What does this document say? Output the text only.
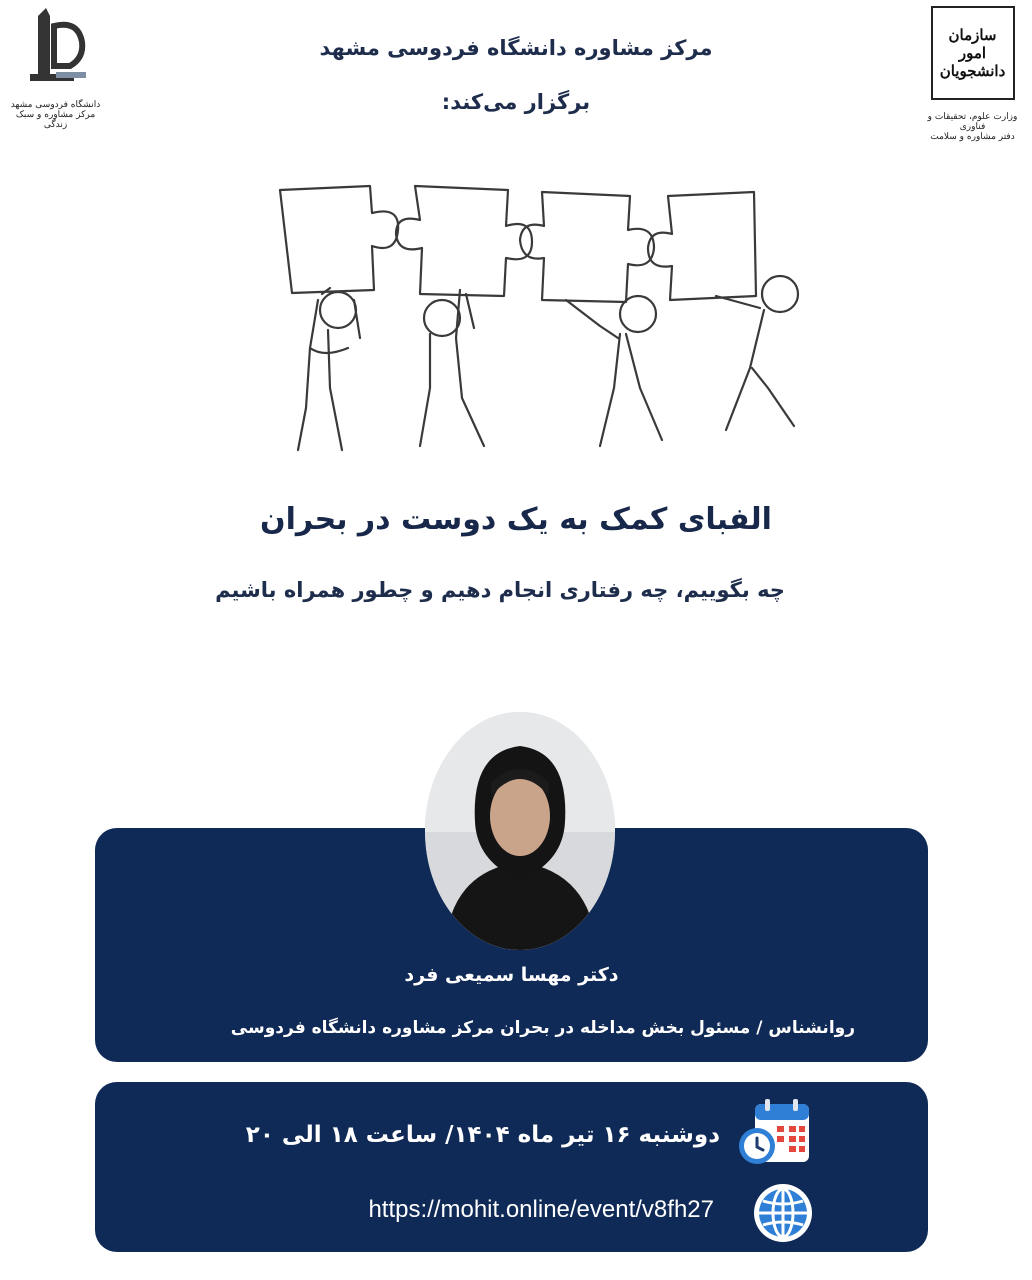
دانشگاه فردوسی مشهد
مرکز مشاوره و سبک زندگی
سازمان امور دانشجویان
وزارت علوم، تحقیقات و فناوری
دفتر مشاوره و سلامت
مرکز مشاوره دانشگاه فردوسی مشهد
برگزار می‌کند:
الفبای کمک به یک دوست در بحران
چه بگوییم، چه رفتاری انجام دهیم و چطور همراه باشیم
دکتر مهسا سمیعی فرد
روانشناس / مسئول بخش مداخله در بحران مرکز مشاوره دانشگاه فردوسی
دوشنبه ۱۶ تیر ماه ۱۴۰۴/ ساعت ۱۸ الی ۲۰
https://mohit.online/event/v8fh27
